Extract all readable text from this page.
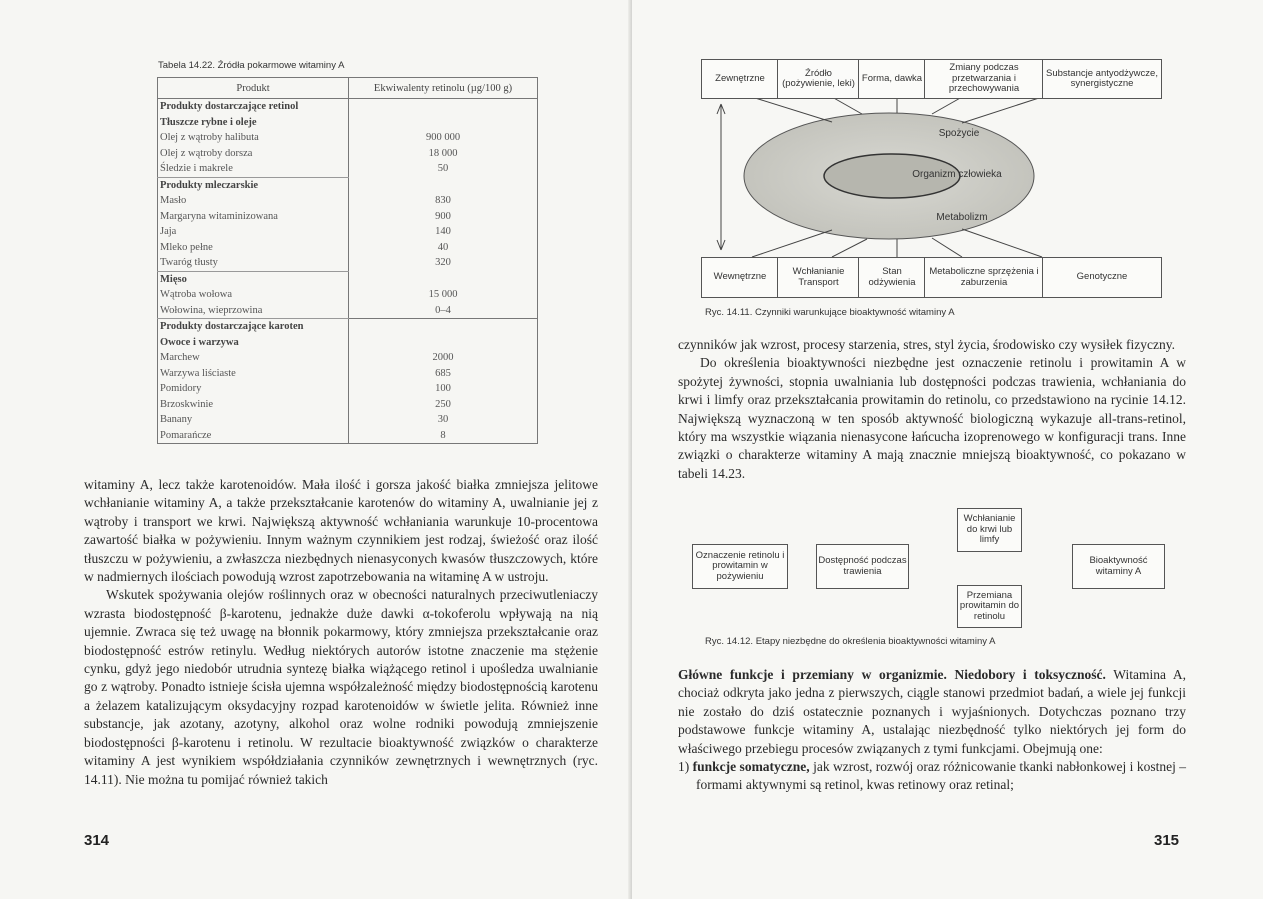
Tabela 14.22. Źródła pokarmowe witaminy A
Produkt	Ekwiwalenty retinolu (µg/100 g)
Produkty dostarczające retinol	
Tłuszcze rybne i oleje	
Olej z wątroby halibuta	900 000
Olej z wątroby dorsza	18 000
Śledzie i makrele	50
Produkty mleczarskie	
Masło	830
Margaryna witaminizowana	900
Jaja	140
Mleko pełne	40
Twaróg tłusty	320
Mięso	
Wątroba wołowa	15 000
Wołowina, wieprzowina	0–4
Produkty dostarczające karoten	
Owoce i warzywa	
Marchew	2000
Warzywa liściaste	685
Pomidory	100
Brzoskwinie	250
Banany	30
Pomarańcze	8

witaminy A, lecz także karotenoidów. Mała ilość i gorsza jakość białka zmniejsza jelitowe wchłanianie witaminy A, a także przekształcanie karotenów do witaminy A, uwalnianie jej z wątroby i transport we krwi. Największą aktywność wchłaniania warunkuje 10-procentowa zawartość białka w pożywieniu. Innym ważnym czynnikiem jest rodzaj, świeżość oraz ilość tłuszczu w pożywieniu, a zwłaszcza niezbędnych nienasyconych kwasów tłuszczowych, które w nadmiernych ilościach powodują wzrost zapotrzebowania na witaminę A w ustroju.

Wskutek spożywania olejów roślinnych oraz w obecności naturalnych przeciwutleniaczy wzrasta biodostępność β-karotenu, jednakże duże dawki α-tokoferolu wpływają na nią ujemnie. Zwraca się też uwagę na błonnik pokarmowy, który zmniejsza przekształcanie oraz biodostępność estrów retinylu. Według niektórych autorów istotne znaczenie ma stężenie cynku, gdyż jego niedobór utrudnia syntezę białka wiążącego retinol i upośledza uwalnianie go z wątroby. Ponadto istnieje ścisła ujemna współzależność między biodostępnością karotenu a żelazem katalizującym oksydacyjny rozpad karotenoidów w świetle jelita. Również inne substancje, jak azotany, azotyny, alkohol oraz wolne rodniki powodują zmniejszenie biodostępności β-karotenu i retinolu. W rezultacie bioaktywność związków o charakterze witaminy A jest wynikiem współdziałania czynników zewnętrznych i wewnętrznych (ryc. 14.11). Nie można tu pomijać również takich

314
Zewnętrzne	Źródło (pożywienie, leki) Forma, dawka
Zmiany podczas przetwarzania i przechowywania
Substancje antyodżywcze, synergistyczne
Spożycie
Organizm człowieka
Metabolizm
Wewnętrzne	Wchłanianie Transport
Stan odżywienia
Metaboliczne sprzężenia i zaburzenia	Genotyczne
Ryc. 14.11. Czynniki warunkujące bioaktywność witaminy A

czynników jak wzrost, procesy starzenia, stres, styl życia, środowisko czy wysiłek fizyczny.

Do określenia bioaktywności niezbędne jest oznaczenie retinolu i prowitamin A w spożytej żywności, stopnia uwalniania lub dostępności podczas trawienia, wchłaniania do krwi i limfy oraz przekształcania prowitamin do retinolu, co przedstawiono na rycinie 14.12. Największą wyznaczoną w ten sposób aktywność biologiczną wykazuje all-trans-retinol, który ma wszystkie wiązania nienasycone łańcucha izoprenowego w konfiguracji trans. Inne związki o charakterze witaminy A mają znacznie mniejszą bioaktywność, co pokazano w tabeli 14.23.

Oznaczenie retinolu i prowitamin w pożywieniu
Dostępność podczas trawienia
Wchłanianie do krwi lub limfy
Przemiana prowitamin do retinolu
Bioaktywność witaminy A
Ryc. 14.12. Etapy niezbędne do określenia bioaktywności witaminy A

Główne funkcje i przemiany w organizmie. Niedobory i toksyczność. Witamina A, chociaż odkryta jako jedna z pierwszych, ciągle stanowi przedmiot badań, a wiele jej funkcji nie zostało do dziś ostatecznie poznanych i wyjaśnionych. Dotychczas poznano trzy podstawowe funkcje witaminy A, ustalając niezbędność tylko niektórych jej form do właściwego przebiegu procesów związanych z tymi funkcjami. Obejmują one:

1) funkcje somatyczne, jak wzrost, rozwój oraz różnicowanie tkanki nabłonkowej i kostnej – formami aktywnymi są retinol, kwas retinowy oraz retinal;

315
